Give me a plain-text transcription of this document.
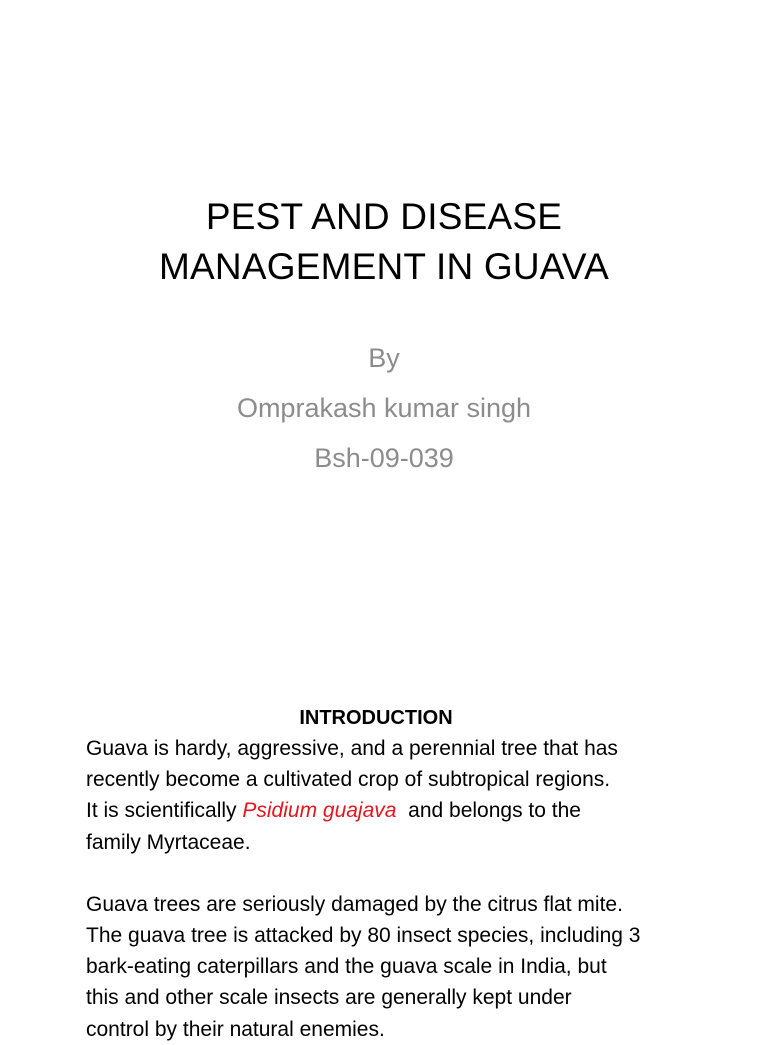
PEST AND DISEASE
MANAGEMENT IN GUAVA
By
Omprakash kumar singh
Bsh-09-039
INTRODUCTION
Guava is hardy, aggressive, and a perennial tree that has
recently become a cultivated crop of subtropical regions.
It is scientifically Psidium guajava  and belongs to the
family Myrtaceae.
Guava trees are seriously damaged by the citrus flat mite.
The guava tree is attacked by 80 insect species, including 3
bark-eating caterpillars and the guava scale in India, but
this and other scale insects are generally kept under
control by their natural enemies.
